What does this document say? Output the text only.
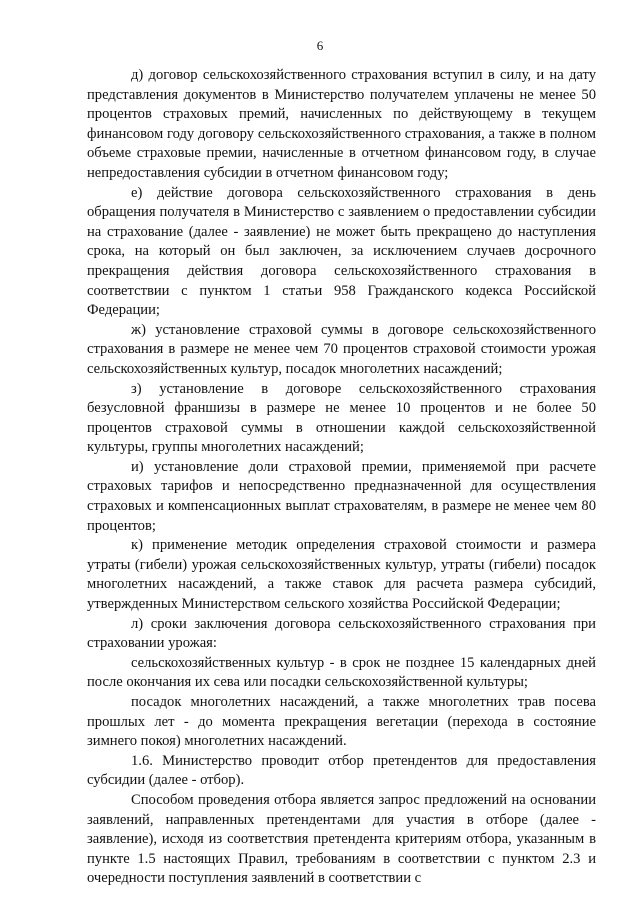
6

д) договор сельскохозяйственного страхования вступил в силу, и на дату представления документов в Министерство получателем уплачены не менее 50 процентов страховых премий, начисленных по действующему в текущем финансовом году договору сельскохозяйственного страхования, а также в полном объеме страховые премии, начисленные в отчетном финансовом году, в случае непредоставления субсидии в отчетном финансовом году;

е) действие договора сельскохозяйственного страхования в день обращения получателя в Министерство с заявлением о предоставлении субсидии на страхование (далее - заявление) не может быть прекращено до наступления срока, на который он был заключен, за исключением случаев досрочного прекращения действия договора сельскохозяйственного страхования в соответствии с пунктом 1 статьи 958 Гражданского кодекса Российской Федерации;

ж) установление страховой суммы в договоре сельскохозяйственного страхования в размере не менее чем 70 процентов страховой стоимости урожая сельскохозяйственных культур, посадок многолетних насаждений;

з) установление в договоре сельскохозяйственного страхования безусловной франшизы в размере не менее 10 процентов и не более 50 процентов страховой суммы в отношении каждой сельскохозяйственной культуры, группы многолетних насаждений;

и) установление доли страховой премии, применяемой при расчете страховых тарифов и непосредственно предназначенной для осуществления страховых и компенсационных выплат страхователям, в размере не менее чем 80 процентов;

к) применение методик определения страховой стоимости и размера утраты (гибели) урожая сельскохозяйственных культур, утраты (гибели) посадок многолетних насаждений, а также ставок для расчета размера субсидий, утвержденных Министерством сельского хозяйства Российской Федерации;

л) сроки заключения договора сельскохозяйственного страхования при страховании урожая:

сельскохозяйственных культур - в срок не позднее 15 календарных дней после окончания их сева или посадки сельскохозяйственной культуры;

посадок многолетних насаждений, а также многолетних трав посева прошлых лет - до момента прекращения вегетации (перехода в состояние зимнего покоя) многолетних насаждений.

1.6. Министерство проводит отбор претендентов для предоставления субсидии (далее - отбор).

Способом проведения отбора является запрос предложений на основании заявлений, направленных претендентами для участия в отборе (далее - заявление), исходя из соответствия претендента критериям отбора, указанным в пункте 1.5 настоящих Правил, требованиям в соответствии с пунктом 2.3 и очередности поступления заявлений в соответствии с
